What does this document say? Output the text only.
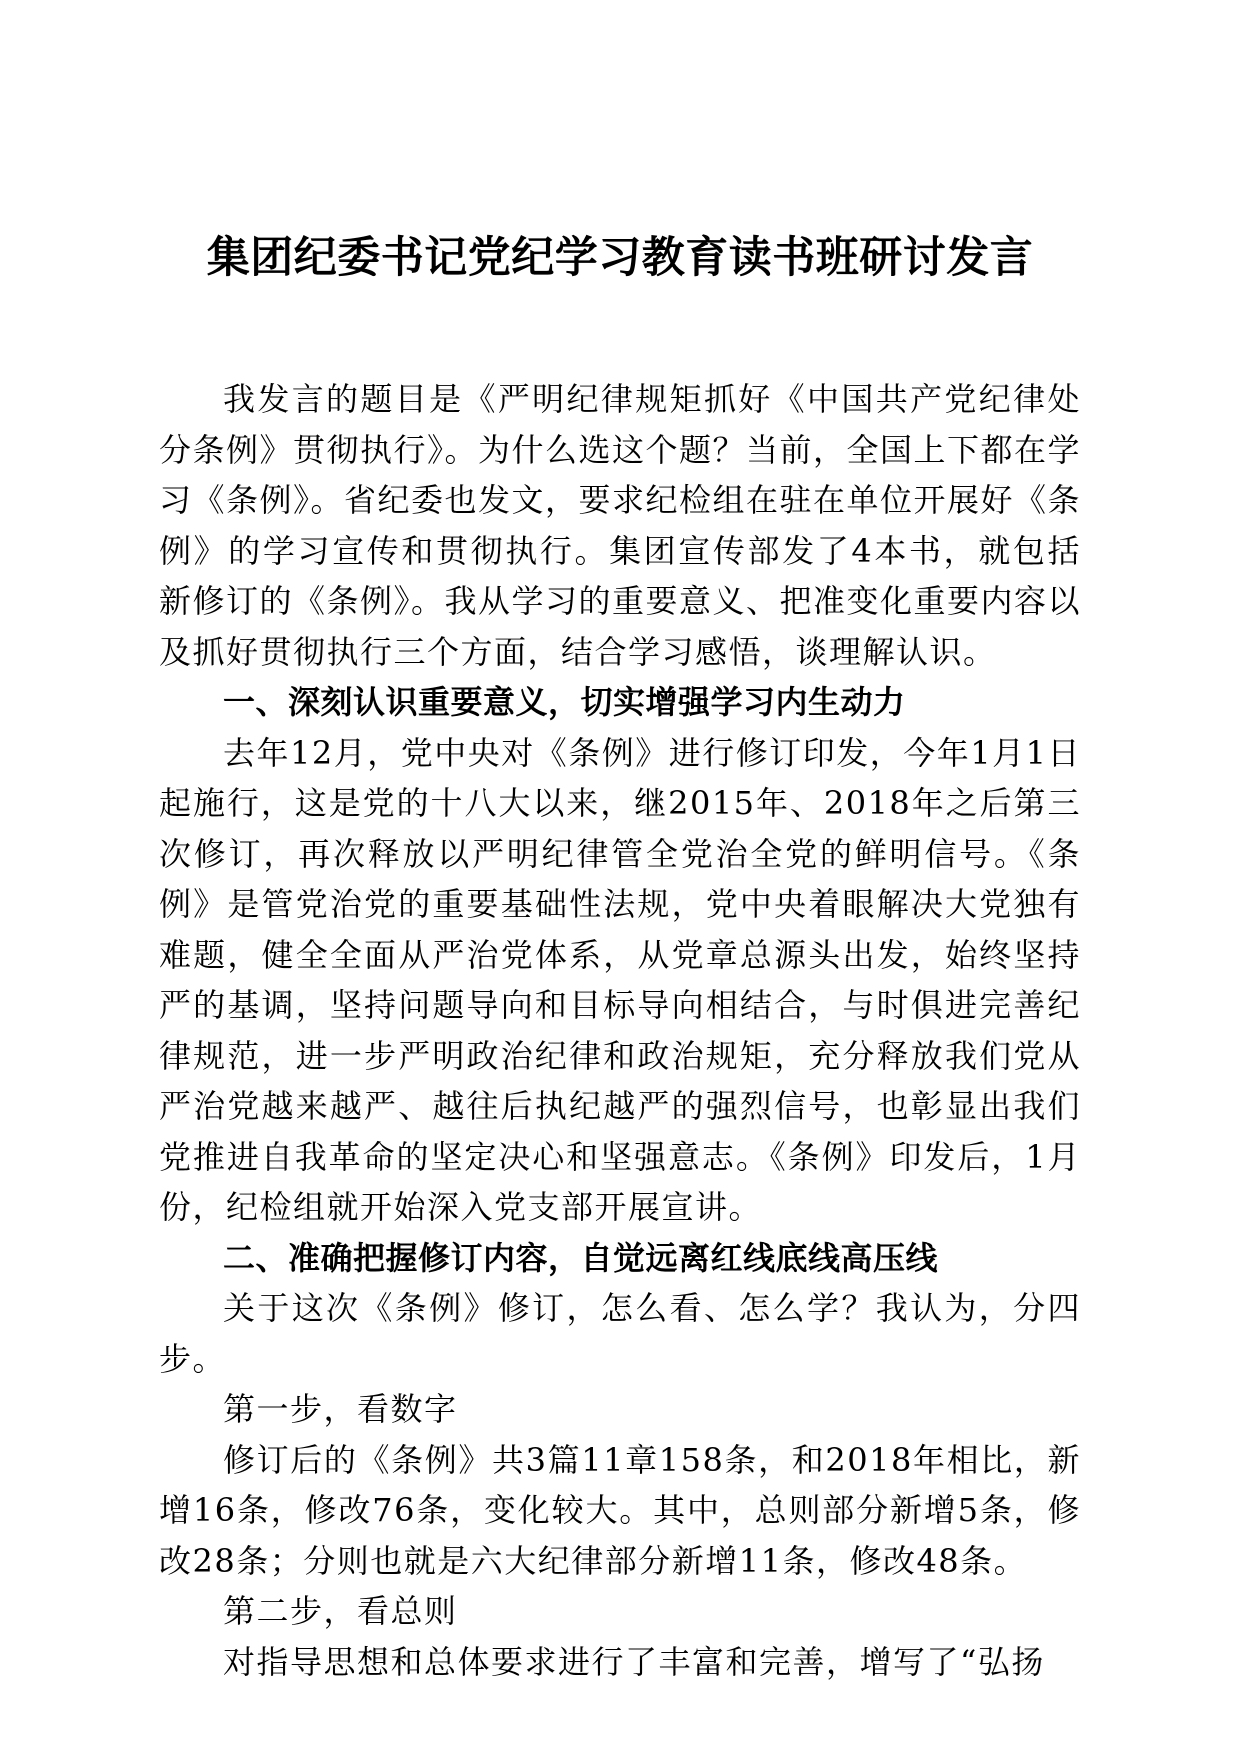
集团纪委书记党纪学习教育读书班研讨发言

我发言的题目是《严明纪律规矩抓好《中国共产党纪律处分条例》贯彻执行》。为什么选这个题？当前，全国上下都在学习《条例》。省纪委也发文，要求纪检组在驻在单位开展好《条例》的学习宣传和贯彻执行。集团宣传部发了4本书，就包括新修订的《条例》。我从学习的重要意义、把准变化重要内容以及抓好贯彻执行三个方面，结合学习感悟，谈理解认识。

一、深刻认识重要意义，切实增强学习内生动力

去年12月，党中央对《条例》进行修订印发，今年1月1日起施行，这是党的十八大以来，继2015年、2018年之后第三次修订，再次释放以严明纪律管全党治全党的鲜明信号。《条例》是管党治党的重要基础性法规，党中央着眼解决大党独有难题，健全全面从严治党体系，从党章总源头出发，始终坚持严的基调，坚持问题导向和目标导向相结合，与时俱进完善纪律规范，进一步严明政治纪律和政治规矩，充分释放我们党从严治党越来越严、越往后执纪越严的强烈信号，也彰显出我们党推进自我革命的坚定决心和坚强意志。《条例》印发后，1月份，纪检组就开始深入党支部开展宣讲。

二、准确把握修订内容，自觉远离红线底线高压线

关于这次《条例》修订，怎么看、怎么学？我认为，分四步。

第一步，看数字

修订后的《条例》共3篇11章158条，和2018年相比，新增16条，修改76条，变化较大。其中，总则部分新增5条，修改28条；分则也就是六大纪律部分新增11条，修改48条。

第二步，看总则

对指导思想和总体要求进行了丰富和完善，增写了“弘扬
